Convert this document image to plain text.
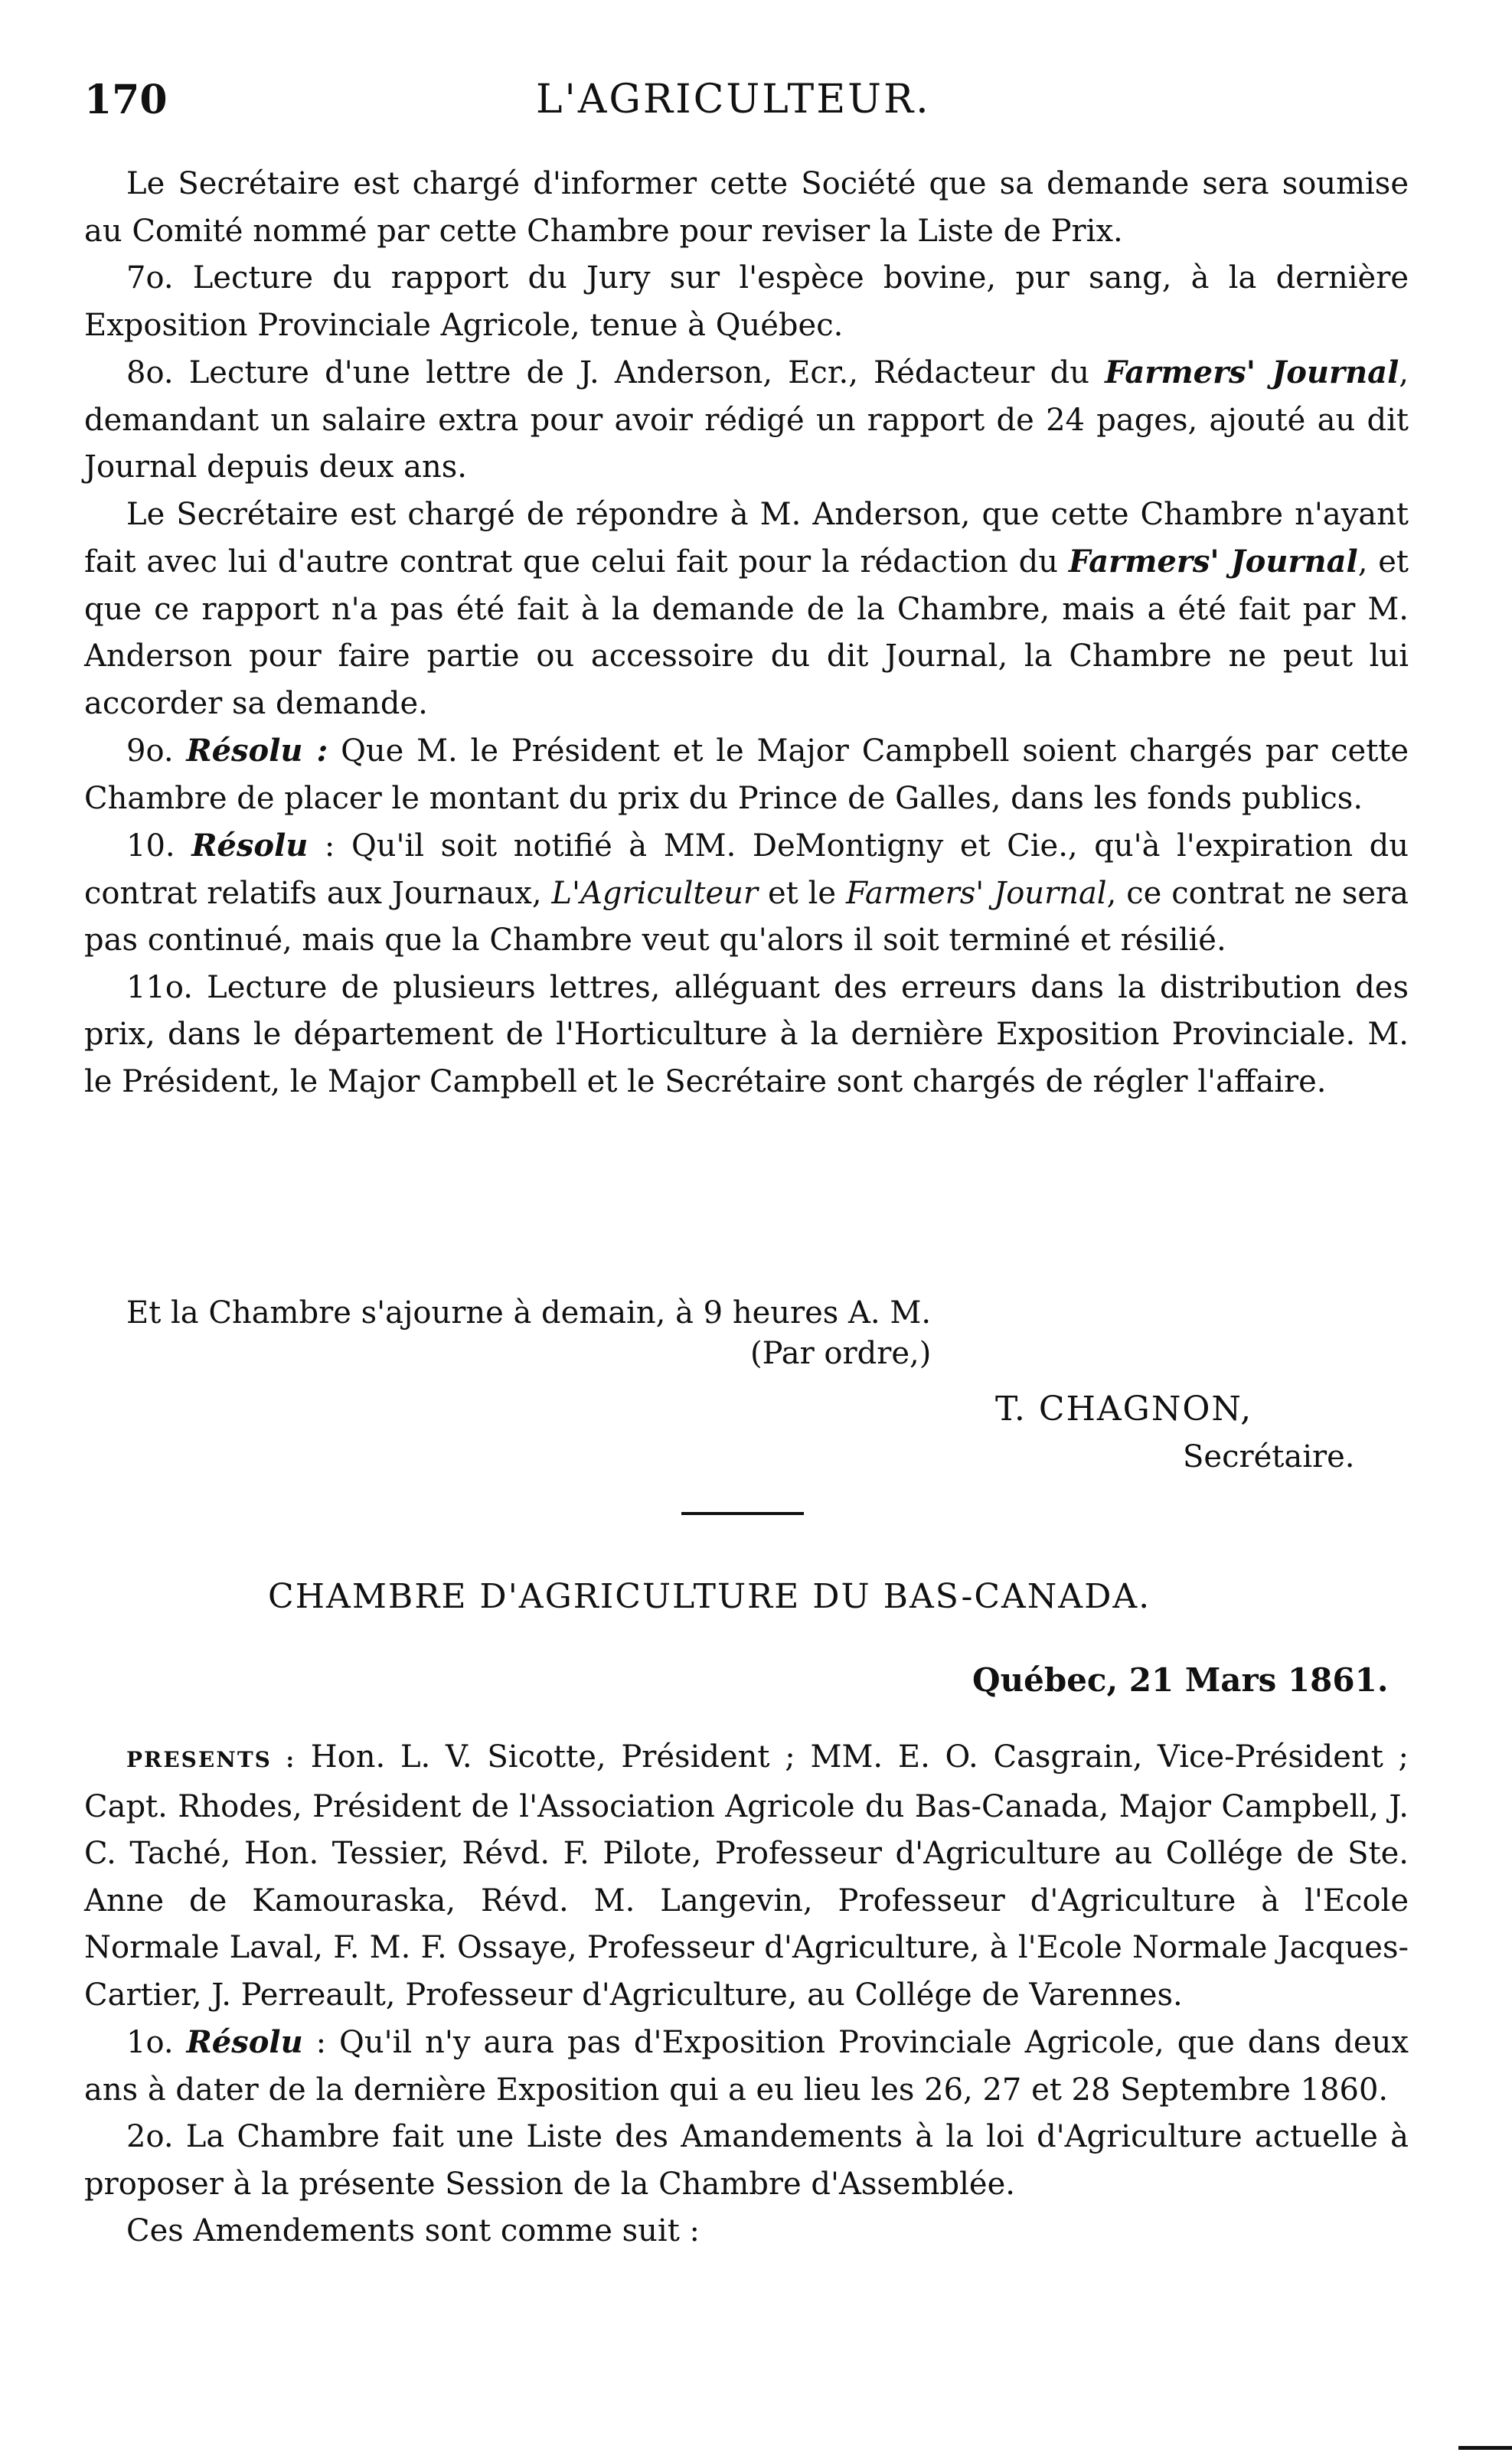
170	L'AGRICULTEUR.

Le Secrétaire est chargé d'informer cette Société que sa demande sera soumise au Comité nommé par cette Chambre pour reviser la Liste de Prix.

7o. Lecture du rapport du Jury sur l'espèce bovine, pur sang, à la dernière Exposition Provinciale Agricole, tenue à Québec.

8o. Lecture d'une lettre de J. Anderson, Ecr., Rédacteur du Farmers' Journal, demandant un salaire extra pour avoir rédigé un rapport de 24 pages, ajouté au dit Journal depuis deux ans.

Le Secrétaire est chargé de répondre à M. Anderson, que cette Chambre n'ayant fait avec lui d'autre contrat que celui fait pour la rédaction du Farmers' Journal, et que ce rapport n'a pas été fait à la demande de la Chambre, mais a été fait par M. Anderson pour faire partie ou accessoire du dit Journal, la Chambre ne peut lui accorder sa demande.

9o. Résolu : Que M. le Président et le Major Campbell soient chargés par cette Chambre de placer le montant du prix du Prince de Galles, dans les fonds publics.

10. Résolu : Qu'il soit notifié à MM. DeMontigny et Cie., qu'à l'expiration du contrat relatifs aux Journaux, L'Agriculteur et le Farmers' Journal, ce contrat ne sera pas continué, mais que la Chambre veut qu'alors il soit terminé et résilié.

11o. Lecture de plusieurs lettres, alléguant des erreurs dans la distribution des prix, dans le département de l'Horticulture à la dernière Exposition Provinciale. M. le Président, le Major Campbell et le Secrétaire sont chargés de régler l'affaire.

Et la Chambre s'ajourne à demain, à 9 heures A. M.
(Par ordre,)
T. CHAGNON,
Secrétaire.
CHAMBRE D'AGRICULTURE DU BAS-CANADA.
Québec, 21 Mars 1861.

PRESENTS : Hon. L. V. Sicotte, Président ; MM. E. O. Casgrain, Vice-Président ; Capt. Rhodes, Président de l'Association Agricole du Bas-Canada, Major Campbell, J. C. Taché, Hon. Tessier, Révd. F. Pilote, Professeur d'Agriculture au Collége de Ste. Anne de Kamouraska, Révd. M. Langevin, Professeur d'Agriculture à l'Ecole Normale Laval, F. M. F. Ossaye, Professeur d'Agriculture, à l'Ecole Normale Jacques-Cartier, J. Perreault, Professeur d'Agriculture, au Collége de Varennes.

1o. Résolu : Qu'il n'y aura pas d'Exposition Provinciale Agricole, que dans deux ans à dater de la dernière Exposition qui a eu lieu les 26, 27 et 28 Septembre 1860.

2o. La Chambre fait une Liste des Amandements à la loi d'Agriculture actuelle à proposer à la présente Session de la Chambre d'Assemblée.

Ces Amendements sont comme suit :
